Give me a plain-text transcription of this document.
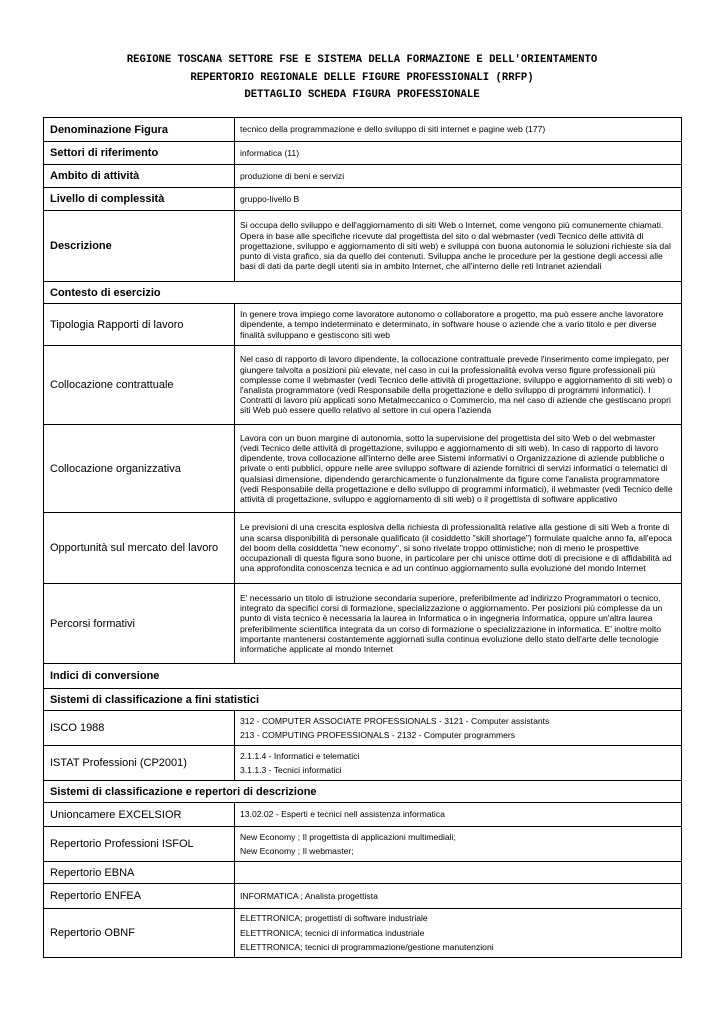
REGIONE TOSCANA SETTORE FSE E SISTEMA DELLA FORMAZIONE E DELL'ORIENTAMENTO
REPERTORIO REGIONALE DELLE FIGURE PROFESSIONALI (RRFP)
DETTAGLIO SCHEDA FIGURA PROFESSIONALE
Denominazione Figura	tecnico della programmazione e dello sviluppo di siti internet e pagine web (177)
Settori di riferimento	informatica (11)
Ambito di attività	produzione di beni e servizi
Livello di complessità	gruppo-livello B
Descrizione	Si occupa dello sviluppo e dell'aggiornamento di siti Web o Internet, come vengono più comunemente chiamati. Opera in base alle specifiche ricevute dal progettista del sito o dal webmaster (vedi Tecnico delle attività di progettazione, sviluppo e aggiornamento di siti web) e sviluppa con buona autonomia le soluzioni richieste sia dal punto di vista grafico, sia da quello dei contenuti. Sviluppa anche le procedure per la gestione degli accessi alle basi di dati da parte degli utenti sia in ambito Internet, che all'interno delle reti Intranet aziendali
Contesto di esercizio	
Tipologia Rapporti di lavoro	In genere trova impiego come lavoratore autonomo o collaboratore a progetto, ma può essere anche lavoratore dipendente, a tempo indeterminato e determinato, in software house o aziende che a vario titolo e per diverse finalità sviluppano e gestiscono siti web
Collocazione contrattuale	Nel caso di rapporto di lavoro dipendente, la collocazione contrattuale prevede l'inserimento come impiegato, per giungere talvolta a posizioni più elevate, nel caso in cui la professionalità evolva verso figure professionali più complesse come il webmaster (vedi Tecnico delle attività di progettazione, sviluppo e aggiornamento di siti web) o l'analista programmatore (vedi Responsabile della progettazione e dello sviluppo di programmi informatici). I Contratti di lavoro più applicati sono Metalmeccanico o Commercio, ma nel caso di aziende che gestiscano propri siti Web può essere quello relativo al settore in cui opera l'azienda
Collocazione organizzativa	Lavora con un buon margine di autonomia, sotto la supervisione del progettista del sito Web o del webmaster (vedi Tecnico delle attività di progettazione, sviluppo e aggiornamento di siti web). In caso di rapporto di lavoro dipendente, trova collocazione all'interno delle aree Sistemi informativi o Organizzazione di aziende pubbliche o private o enti pubblici, oppure nelle aree sviluppo software di aziende fornitrici di servizi informatici o telematici di qualsiasi dimensione, dipendendo gerarchicamente o funzionalmente da figure come l'analista programmatore (vedi Responsabile della progettazione e dello sviluppo di programmi informatici), il webmaster (vedi Tecnico delle attività di progettazione, sviluppo e aggiornamento di siti web) o il progettista di software applicativo
Opportunità sul mercato del lavoro	Le previsioni di una crescita esplosiva della richiesta di professionalità relative alla gestione di siti Web a fronte di una scarsa disponibilità di personale qualificato (il cosiddetto "skill shortage") formulate qualche anno fa, all'epoca del boom della cosiddetta "new economy", si sono rivelate troppo ottimistiche; non di meno le prospettive occupazionali di questa figura sono buone, in particolare per chi unisce ottime doti di precisione e di affidabilità ad una approfondita conoscenza tecnica e ad un continuo aggiornamento sulla evoluzione del mondo Internet
Percorsi formativi	E' necessario un titolo di istruzione secondaria superiore, preferibilmente ad indirizzo Programmatori o tecnico, integrato da specifici corsi di formazione, specializzazione o aggiornamento. Per posizioni più complesse da un punto di vista tecnico è necessaria la laurea in Informatica o in ingegneria Informatica, oppure un'altra laurea preferibilmente scientifica integrata da un corso di formazione o specializzazione in informatica. E' inoltre molto importante mantenersi costantemente aggiornati sulla continua evoluzione dello stato dell'arte delle tecnologie informatiche applicate al mondo Internet
Indici di conversione	
Sistemi di classificazione a fini statistici	
ISCO 1988	312 - COMPUTER ASSOCIATE PROFESSIONALS - 3121 - Computer assistants
213 - COMPUTING PROFESSIONALS - 2132 - Computer programmers

ISTAT Professioni (CP2001)	2.1.1.4 - Informatici e telematici
3.1.1.3 - Tecnici informatici

Sistemi di classificazione e repertori di descrizione	
Unioncamere EXCELSIOR	13.02.02 - Esperti e tecnici nell assistenza informatica

Repertorio Professioni ISFOL	New Economy ; Il progettista di applicazioni multimediali;
New Economy ; Il webmaster;

Repertorio EBNA	
Repertorio ENFEA	INFORMATICA ; Analista progettista

Repertorio OBNF	ELETTRONICA; progettisti di software industriale
ELETTRONICA; tecnici di informatica industriale
ELETTRONICA; tecnici di programmazione/gestione manutenzioni
